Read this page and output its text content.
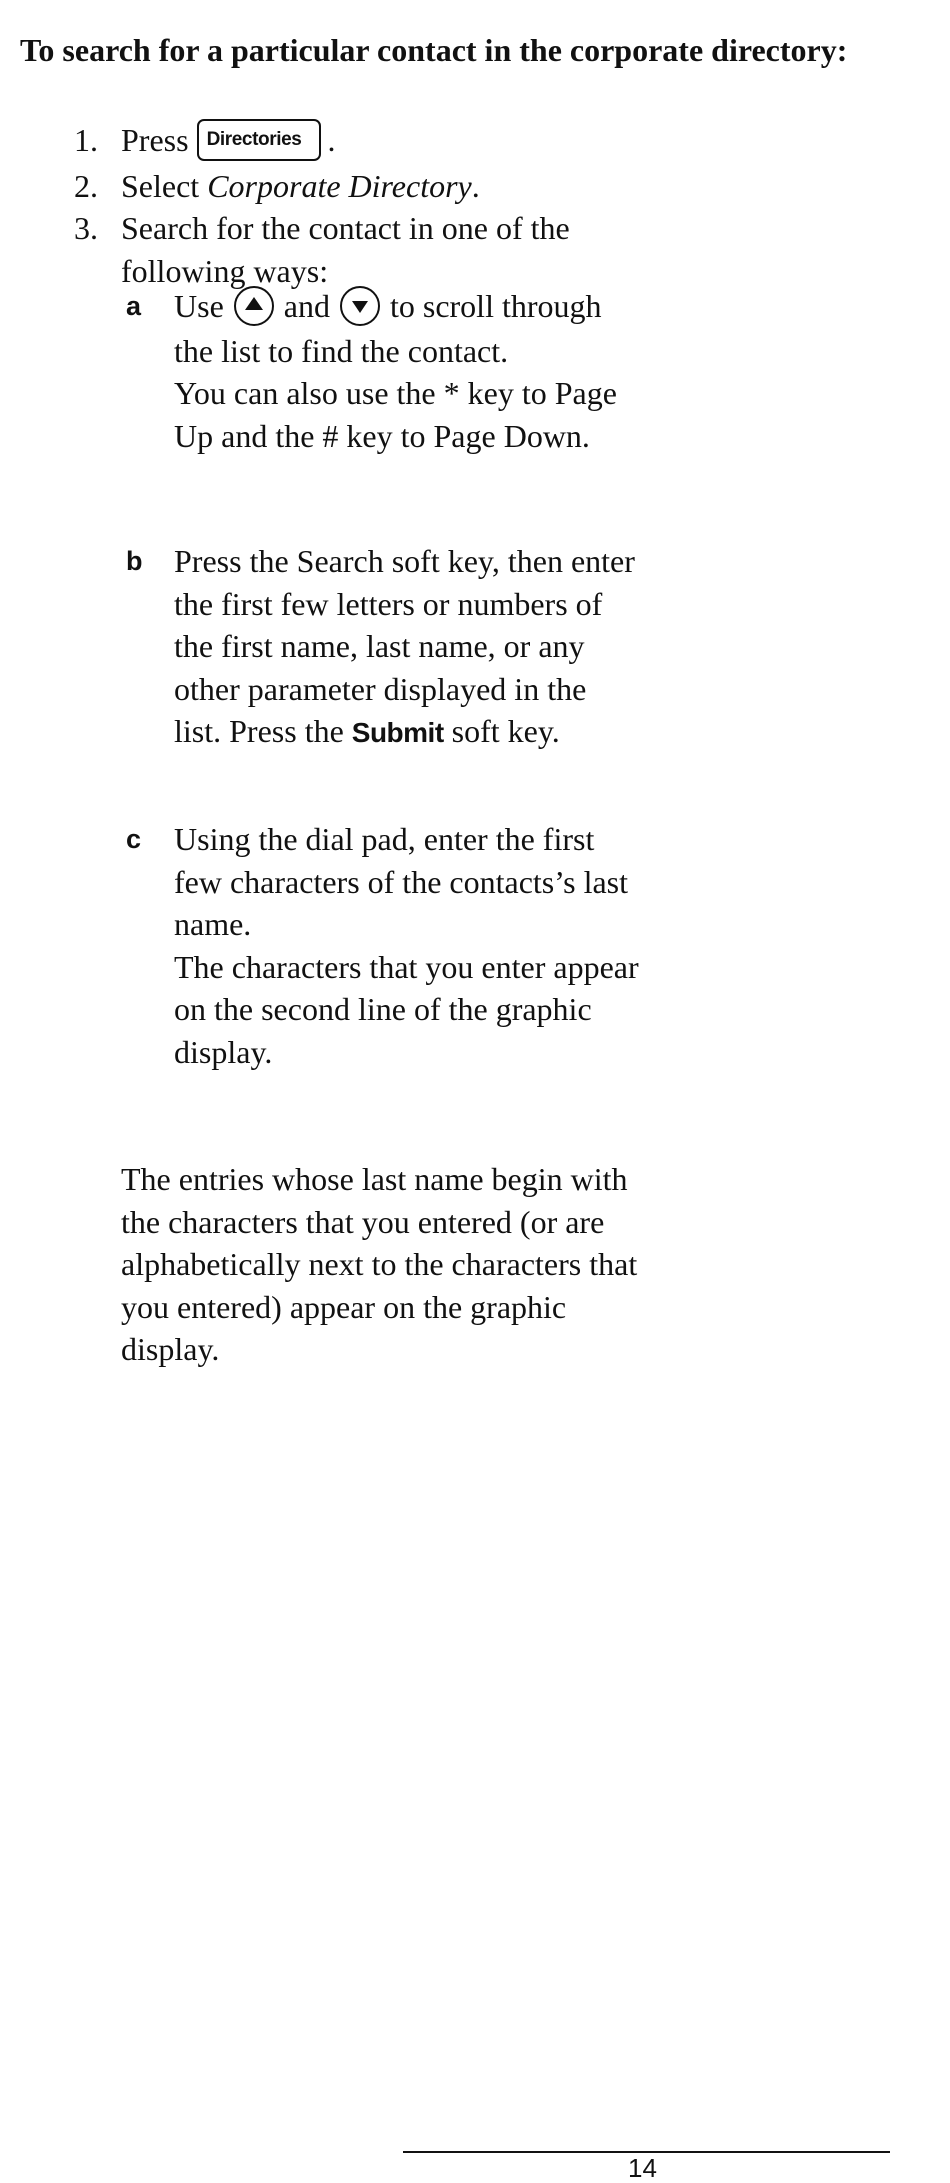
To search for a particular contact in the corporate directory:
1. Press Directories .
2. Select Corporate Directory.
3. Search for the contact in one of the following ways:
a	Use and to scroll through the list to find the contact.
You can also use the * key to Page Up and the # key to Page Down.
b Press the Search soft key, then enter the first few letters or numbers of the first name, last name, or any other parameter displayed in the list. Press the Submit soft key.
c	Using the dial pad, enter the first few characters of the contacts’s last name.
The characters that you enter appear on the second line of the graphic display.
The entries whose last name begin with the characters that you entered (or are alphabetically next to the characters that you entered) appear on the graphic display.
14
